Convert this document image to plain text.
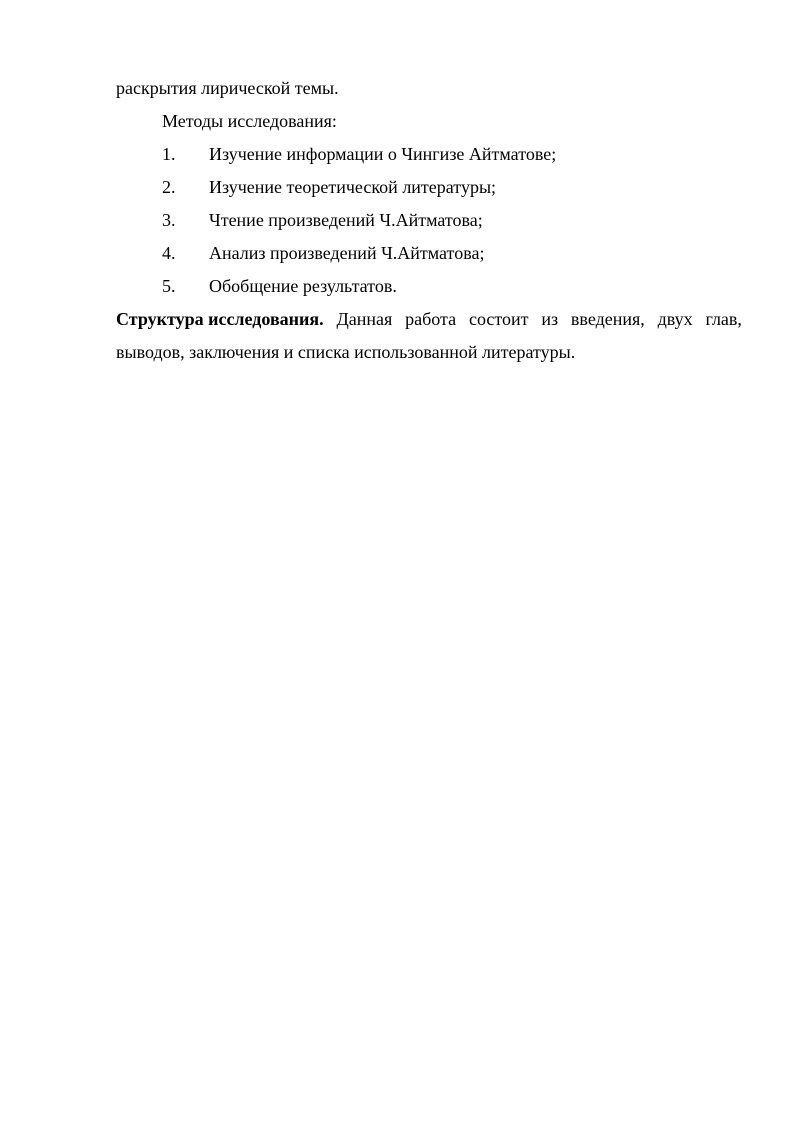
раскрытия лирической темы.
Методы исследования:
1. Изучение информации о Чингизе Айтматове;
2. Изучение теоретической литературы;
3. Чтение произведений Ч.Айтматова;
4. Анализ произведений Ч.Айтматова;
5. Обобщение результатов.
Структура исследования. Данная работа состоит из введения, двух глав,
выводов, заключения и списка использованной литературы.
